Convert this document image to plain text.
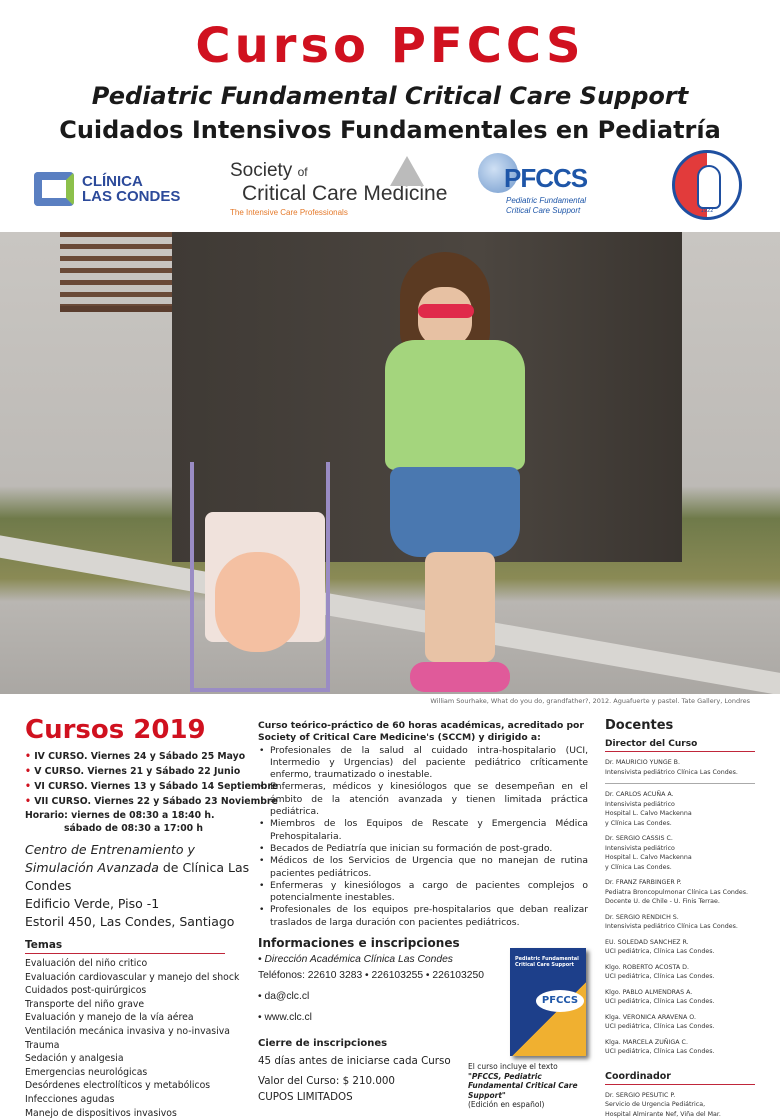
Curso PFCCS
Pediatric Fundamental Critical Care Support
Cuidados Intensivos Fundamentales en Pediatría
CLÍNICA
LAS CONDES
Society of
Critical Care Medicine
The Intensive Care Professionals
PFCCS
Pediatric Fundamental
Critical Care Support	1922
William Sourhake, What do you do, grandfather?, 2012. Aguafuerte y pastel. Tate Gallery, Londres
Cursos 2019
• IV CURSO. Viernes 24 y Sábado 25 Mayo
• V CURSO. Viernes 21 y Sábado 22 Junio
• VI CURSO. Viernes 13 y Sábado 14 Septiembre
• VII CURSO. Viernes 22 y Sábado 23 Noviembre
Horario: viernes de 08:30 a 18:40 h.
sábado de 08:30 a 17:00 h
Centro de Entrenamiento y Simulación Avanzada de Clínica Las Condes
Edificio Verde, Piso -1
Estoril 450, Las Condes, Santiago
Temas
Evaluación del niño critico
Evaluación cardiovascular y manejo del shock
Cuidados post-quirúrgicos
Transporte del niño grave
Evaluación y manejo de la vía aérea
Ventilación mecánica invasiva y no-invasiva
Trauma
Sedación y analgesia
Emergencias neurológicas
Desórdenes electrolíticos y metabólicos
Infecciones agudas
Manejo de dispositivos invasivos
Curso teórico-práctico de 60 horas académicas, acreditado por Society of Critical Care Medicine's (SCCM) y dirigido a:
• Profesionales de la salud al cuidado intra-hospitalario (UCI, Intermedio y Urgencias) del paciente pediátrico críticamente enfermo, traumatizado o inestable.
• Enfermeras, médicos y kinesiólogos que se desempeñan en el ámbito de la atención avanzada y tienen limitada práctica pediátrica.
• Miembros de los Equipos de Rescate y Emergencia Médica Prehospitalaria.
• Becados de Pediatría que inician su formación de post-grado.
• Médicos de los Servicios de Urgencia que no manejan de rutina pacientes pediátricos.
• Enfermeras y kinesiólogos a cargo de pacientes complejos o potencialmente inestables.
• Profesionales de los equipos pre-hospitalarios que deban realizar traslados de larga duración con pacientes pediátricos.
Informaciones e inscripciones
• Dirección Académica Clínica Las Condes
Teléfonos: 22610 3283 • 226103255 • 226103250

• da@clc.cl
• www.clc.cl
Cierre de inscripciones
45 días antes de iniciarse cada Curso
Valor del Curso: $ 210.000
CUPOS LIMITADOS
Pediatric Fundamental Critical Care Support
PFCCS
El curso incluye el texto
"PFCCS, Pediatric Fundamental Critical Care Support"
(Edición en español)
Docentes
Director del Curso
Dr. MAURICIO YUNGE B.
Intensivista pediátrico Clínica Las Condes.
Dr. CARLOS ACUÑA A.
Intensivista pediátrico
Hospital L. Calvo Mackenna
y Clínica Las Condes.
Dr. SERGIO CASSIS C.
Intensivista pediátrico
Hospital L. Calvo Mackenna
y Clínica Las Condes.
Dr. FRANZ FARBINGER P.
Pediatra Broncopulmonar Clínica Las Condes.
Docente U. de Chile - U. Finis Terrae.
Dr. SERGIO RENDICH S.
Intensivista pediátrico Clínica Las Condes.
EU. SOLEDAD SANCHEZ R.
UCI pediátrica, Clínica Las Condes.
Klgo. ROBERTO ACOSTA D.
UCI pediátrica, Clínica Las Condes.
Klgo. PABLO ALMENDRAS A.
UCI pediátrica, Clínica Las Condes.
Klga. VERONICA ARAVENA O.
UCI pediátrica, Clínica Las Condes.
Klga. MARCELA ZUÑIGA C.
UCI pediátrica, Clínica Las Condes.
Coordinador
Dr. SERGIO PESUTIC P.
Servicio de Urgencia Pediátrica,
Hospital Almirante Nef, Viña del Mar.
